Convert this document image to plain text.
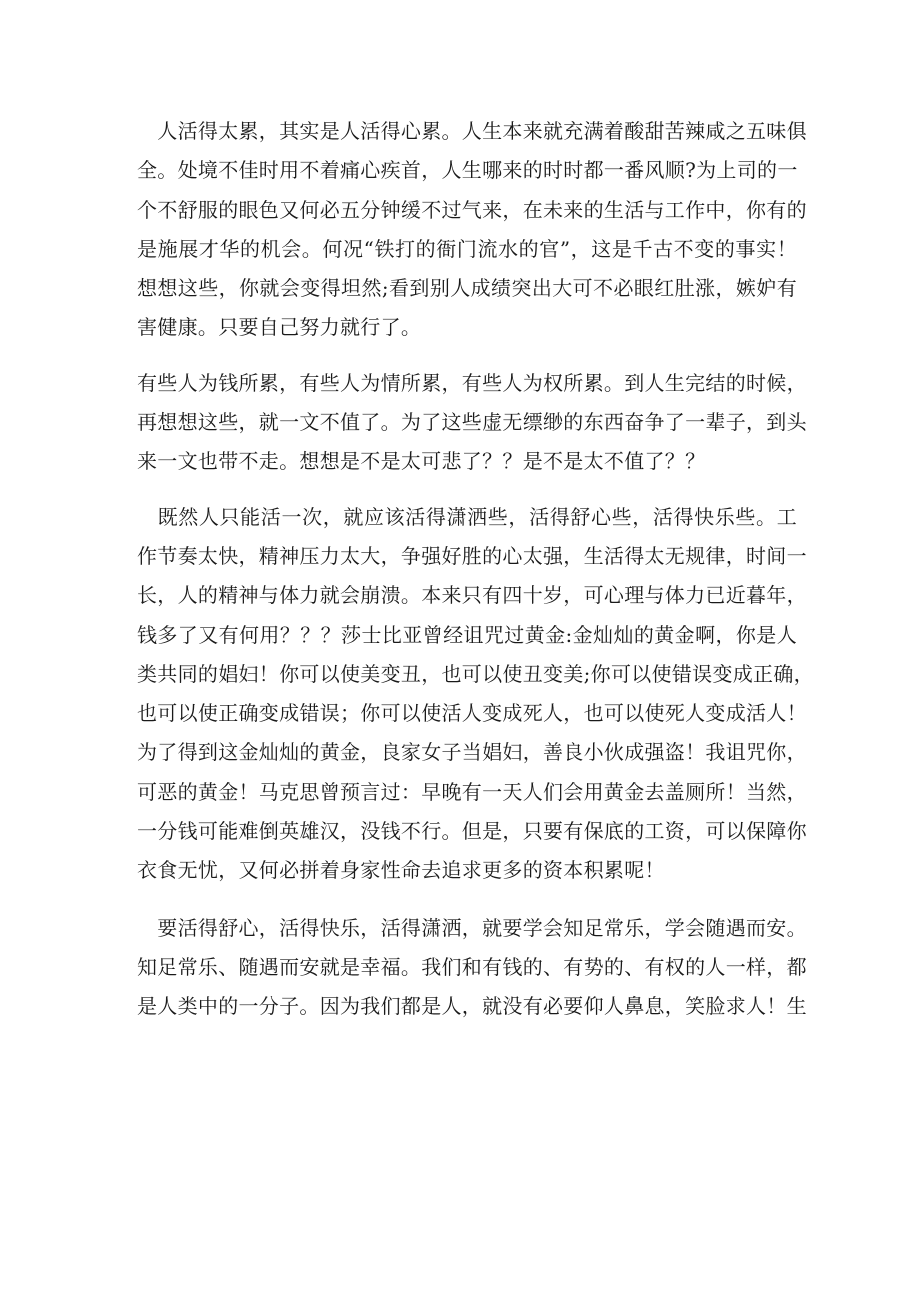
　人活得太累，其实是人活得心累。人生本来就充满着酸甜苦辣咸之五味俱
全。处境不佳时用不着痛心疾首，人生哪来的时时都一番风顺?为上司的一
个不舒服的眼色又何必五分钟缓不过气来，在未来的生活与工作中，你有的
是施展才华的机会。何况“铁打的衙门流水的官”，这是千古不变的事实！
想想这些，你就会变得坦然;看到别人成绩突出大可不必眼红肚涨，嫉妒有
害健康。只要自己努力就行了。
有些人为钱所累，有些人为情所累，有些人为权所累。到人生完结的时候，
再想想这些，就一文不值了。为了这些虚无缥缈的东西奋争了一辈子，到头
来一文也带不走。想想是不是太可悲了？？是不是太不值了？？
　既然人只能活一次，就应该活得潇洒些，活得舒心些，活得快乐些。工
作节奏太快，精神压力太大，争强好胜的心太强，生活得太无规律，时间一
长，人的精神与体力就会崩溃。本来只有四十岁，可心理与体力已近暮年，
钱多了又有何用？？？莎士比亚曾经诅咒过黄金:金灿灿的黄金啊，你是人
类共同的娼妇！你可以使美变丑，也可以使丑变美;你可以使错误变成正确，
也可以使正确变成错误；你可以使活人变成死人，也可以使死人变成活人！
为了得到这金灿灿的黄金，良家女子当娼妇，善良小伙成强盗！我诅咒你，
可恶的黄金！马克思曾预言过：早晚有一天人们会用黄金去盖厕所！当然，
一分钱可能难倒英雄汉，没钱不行。但是，只要有保底的工资，可以保障你
衣食无忧，又何必拼着身家性命去追求更多的资本积累呢！
　要活得舒心，活得快乐，活得潇洒，就要学会知足常乐，学会随遇而安。
知足常乐、随遇而安就是幸福。我们和有钱的、有势的、有权的人一样，都
是人类中的一分子。因为我们都是人，就没有必要仰人鼻息，笑脸求人！生
